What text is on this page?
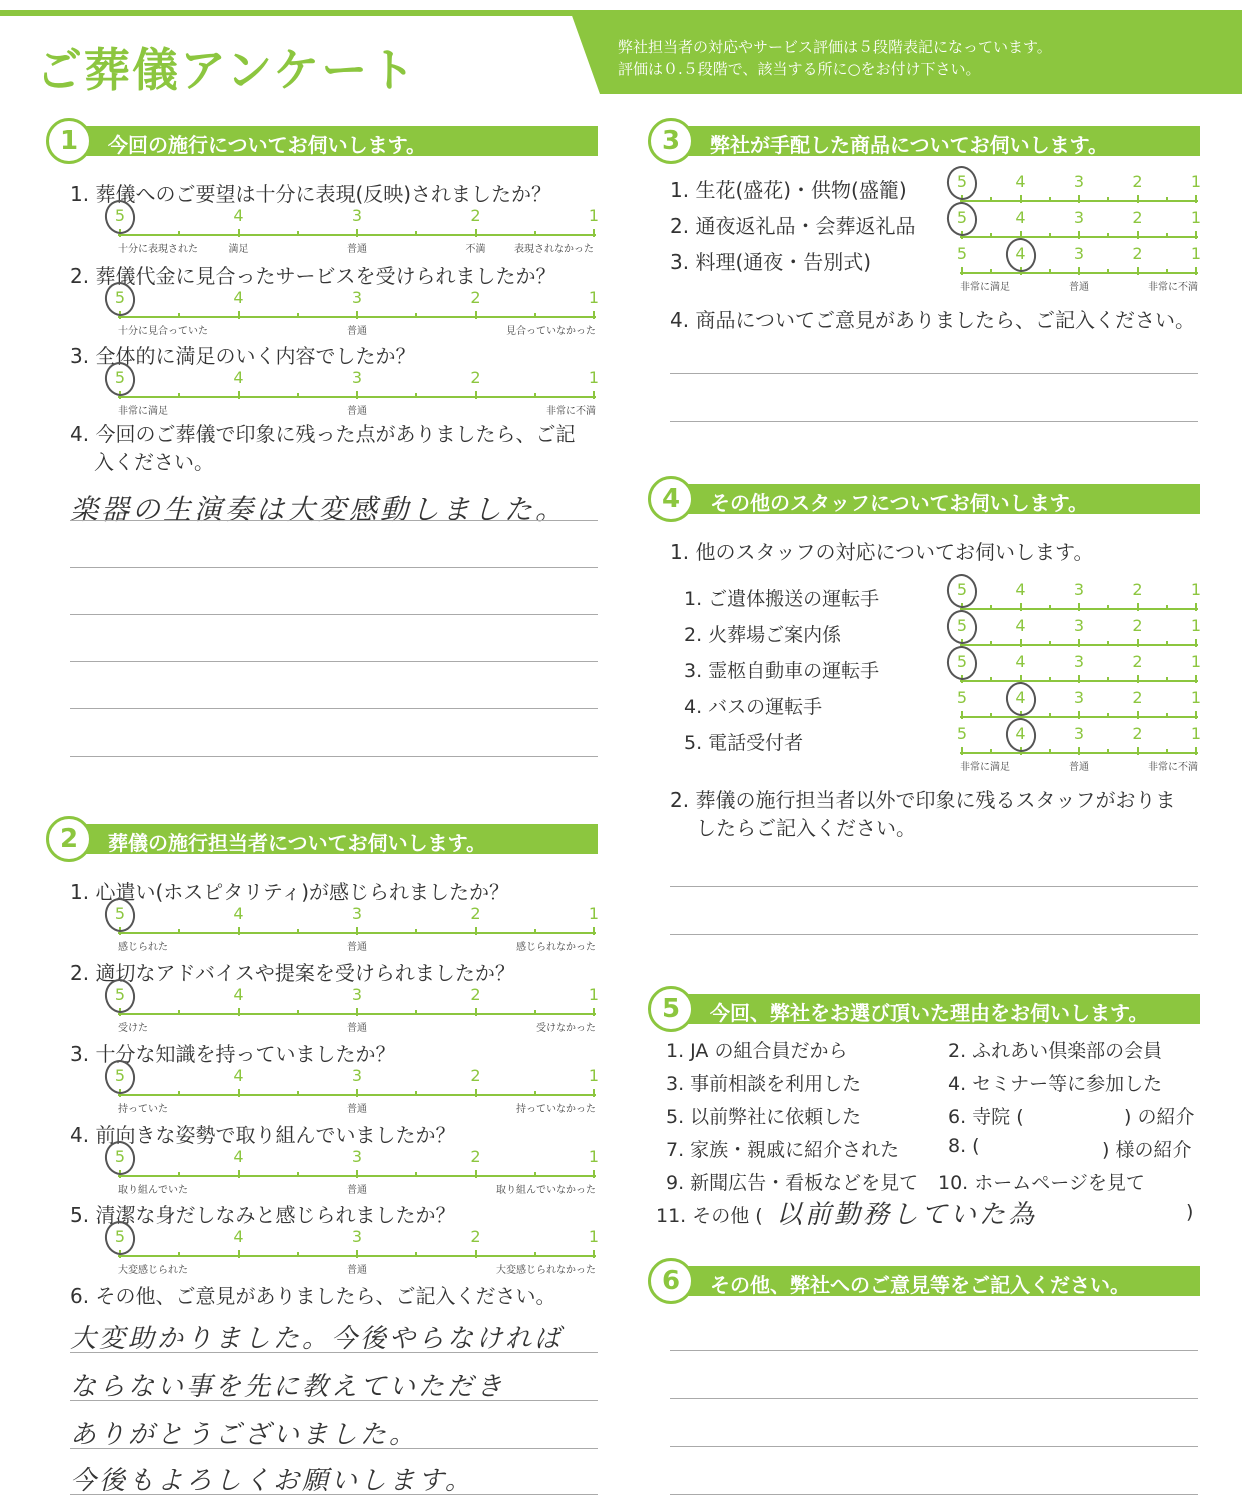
ご葬儀アンケート	弊社担当者の対応やサービス評価は５段階表記になっています。
評価は０.５段階で、該当する所に○をお付け下さい。
1	今回の施行についてお伺いします。
1. 葬儀へのご要望は十分に表現(反映)されましたか？
5	4	3	2	1
十分に表現された	満足	普通	不満	表現されなかった
2. 葬儀代金に見合ったサービスを受けられましたか？
5	4	3	2	1
十分に見合っていた	普通	見合っていなかった
3. 全体的に満足のいく内容でしたか？
5	4	3	2	1
非常に満足	普通	非常に不満
4. 今回のご葬儀で印象に残った点がありましたら、ご記
入ください。
楽器の生演奏は大変感動しました。
2	葬儀の施行担当者についてお伺いします。
1. 心遣い(ホスピタリティ)が感じられましたか？
5	4	3	2	1
感じられた	普通	感じられなかった
2. 適切なアドバイスや提案を受けられましたか？
5	4	3	2	1
受けた	普通	受けなかった
3. 十分な知識を持っていましたか？
5	4	3	2	1
持っていた	普通	持っていなかった
4. 前向きな姿勢で取り組んでいましたか？
5	4	3	2	1
取り組んでいた	普通	取り組んでいなかった
5. 清潔な身だしなみと感じられましたか？
5	4	3	2	1
大変感じられた	普通	大変感じられなかった
6. その他、ご意見がありましたら、ご記入ください。
大変助かりました。今後やらなければ
ならない事を先に教えていただき
ありがとうございました。
今後もよろしくお願いします。
3	弊社が手配した商品についてお伺いします。
1. 生花(盛花)・供物(盛籠)	5	4	3	2	1
2. 通夜返礼品・会葬返礼品	5	4	3	2	1
3. 料理(通夜・告別式)	5	4	3	2	1
非常に満足	普通	非常に不満
4. 商品についてご意見がありましたら、ご記入ください。
4	その他のスタッフについてお伺いします。
1. 他のスタッフの対応についてお伺いします。
1. ご遺体搬送の運転手	5	4	3	2	1
2. 火葬場ご案内係	5	4	3	2	1
3. 霊柩自動車の運転手	5	4	3	2	1
4. バスの運転手	5	4	3	2	1
5. 電話受付者	5	4	3	2	1
非常に満足	普通	非常に不満
2. 葬儀の施行担当者以外で印象に残るスタッフがおりま
したらご記入ください。
5	今回、弊社をお選び頂いた理由をお伺いします。
1. JA の組合員だから	2. ふれあい倶楽部の会員
3. 事前相談を利用した	4. セミナー等に参加した
5. 以前弊社に依頼した	6. 寺院 (	) の紹介
7. 家族・親戚に紹介された	8. (	) 様の紹介
9. 新聞広告・看板などを見て 10. ホームページを見て
11. その他 ( 以前勤務していた為	)
6	その他、弊社へのご意見等をご記入ください。
